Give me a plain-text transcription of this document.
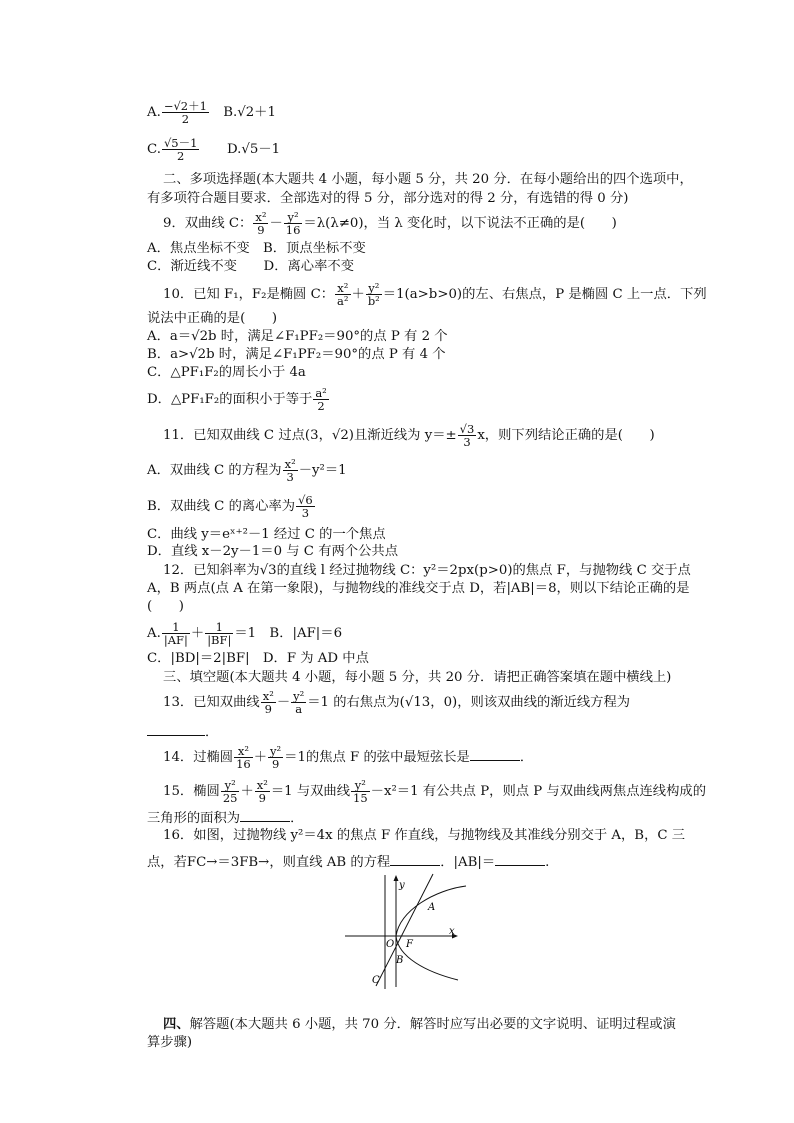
A. $\frac{-√2+1}{2}$
　 B.√2＋1
C. $\frac{√5-1}{2}$
　　 D.√5－1
二、多项选择题(本大题共 4 小题，每小题 5 分，共 20 分．在每小题给出的四个选项中，
有多项符合题目要求．全部选对的得 5 分，部分选对的得 2 分，有选错的得 0 分)
9．双曲线 C： $\frac{\text{x²}}{9} - \frac{\text{y²}}{16} =\lambda(\lambda\ne 0)$，当 λ 变化时，以下说法不正确的是(　　)
A．焦点坐标不变　B．顶点坐标不变
C．渐近线不变　　D．离心率不变
10．已知 F₁，F₂是椭圆 C： $\frac{\text{x²}}{\text{a²}} + \frac{\text{y²}}{\text{b²}} =1(a>b>0)$的左、右焦点，P 是椭圆 C 上一点．下列
说法中正确的是(　　)
A．a＝√2b 时，满足∠F₁PF₂＝90°的点 P 有 2 个
B．a>√2b 时，满足∠F₁PF₂＝90°的点 P 有 4 个
C．△PF₁F₂的周长小于 4a
D．△PF₁F₂的面积小于等于 $\frac{\text{a²}}{2}$
11．已知双曲线 C 过点(3，√2)且渐近线为 $y=\pm \frac{√3}{3}$ x，则下列结论正确的是(　　)
A．双曲线 C 的方程为 $\frac{\text{x²}}{3} -y^2=1$
B．双曲线 C 的离心率为 $\frac{√6}{3}$
C．曲线 y＝eˣ⁺²－1 经过 C 的一个焦点
D．直线 x－2y－1＝0 与 C 有两个公共点
12．已知斜率为√3的直线 l 经过抛物线 C：y²＝2px(p>0)的焦点 F，与抛物线 C 交于点
A，B 两点(点 A 在第一象限)，与抛物线的准线交于点 D，若|AB|＝8，则以下结论正确的是
(　　)
A. $\frac{1}{|AF|} + \frac{1}{|BF|} =1$　B．|AF|＝6
C．|BD|＝2|BF|　D．F 为 AD 中点
三、填空题(本大题共 4 小题，每小题 5 分，共 20 分．请把正确答案填在题中横线上)
13．已知双曲线 $\frac{\text{x²}}{9} - \frac{\text{y²}}{a} =1$ 的右焦点为(√13，0)，则该双曲线的渐近线方程为
．
14．过椭圆 $\frac{\text{x²}}{16} + \frac{\text{y²}}{9} =1$的焦点 F 的弦中最短弦长是	．
15．椭圆 $\frac{\text{y²}}{25} + \frac{\text{x²}}{9} =1$ 与双曲线 $\frac{\text{y²}}{15} -x^2=1$ 有公共点 P，则点 P 与双曲线两焦点连线构成的
三角形的面积为	．
16．如图，过抛物线 y²＝4x 的焦点 F 作直线，与抛物线及其准线分别交于 A，B，C 三
点，若FC→＝3FB→，则直线 AB 的方程	．|AB|＝	.
y
x
A
O F
B
C
四、解答题(本大题共 6 小题，共 70 分．解答时应写出必要的文字说明、证明过程或演
算步骤)
